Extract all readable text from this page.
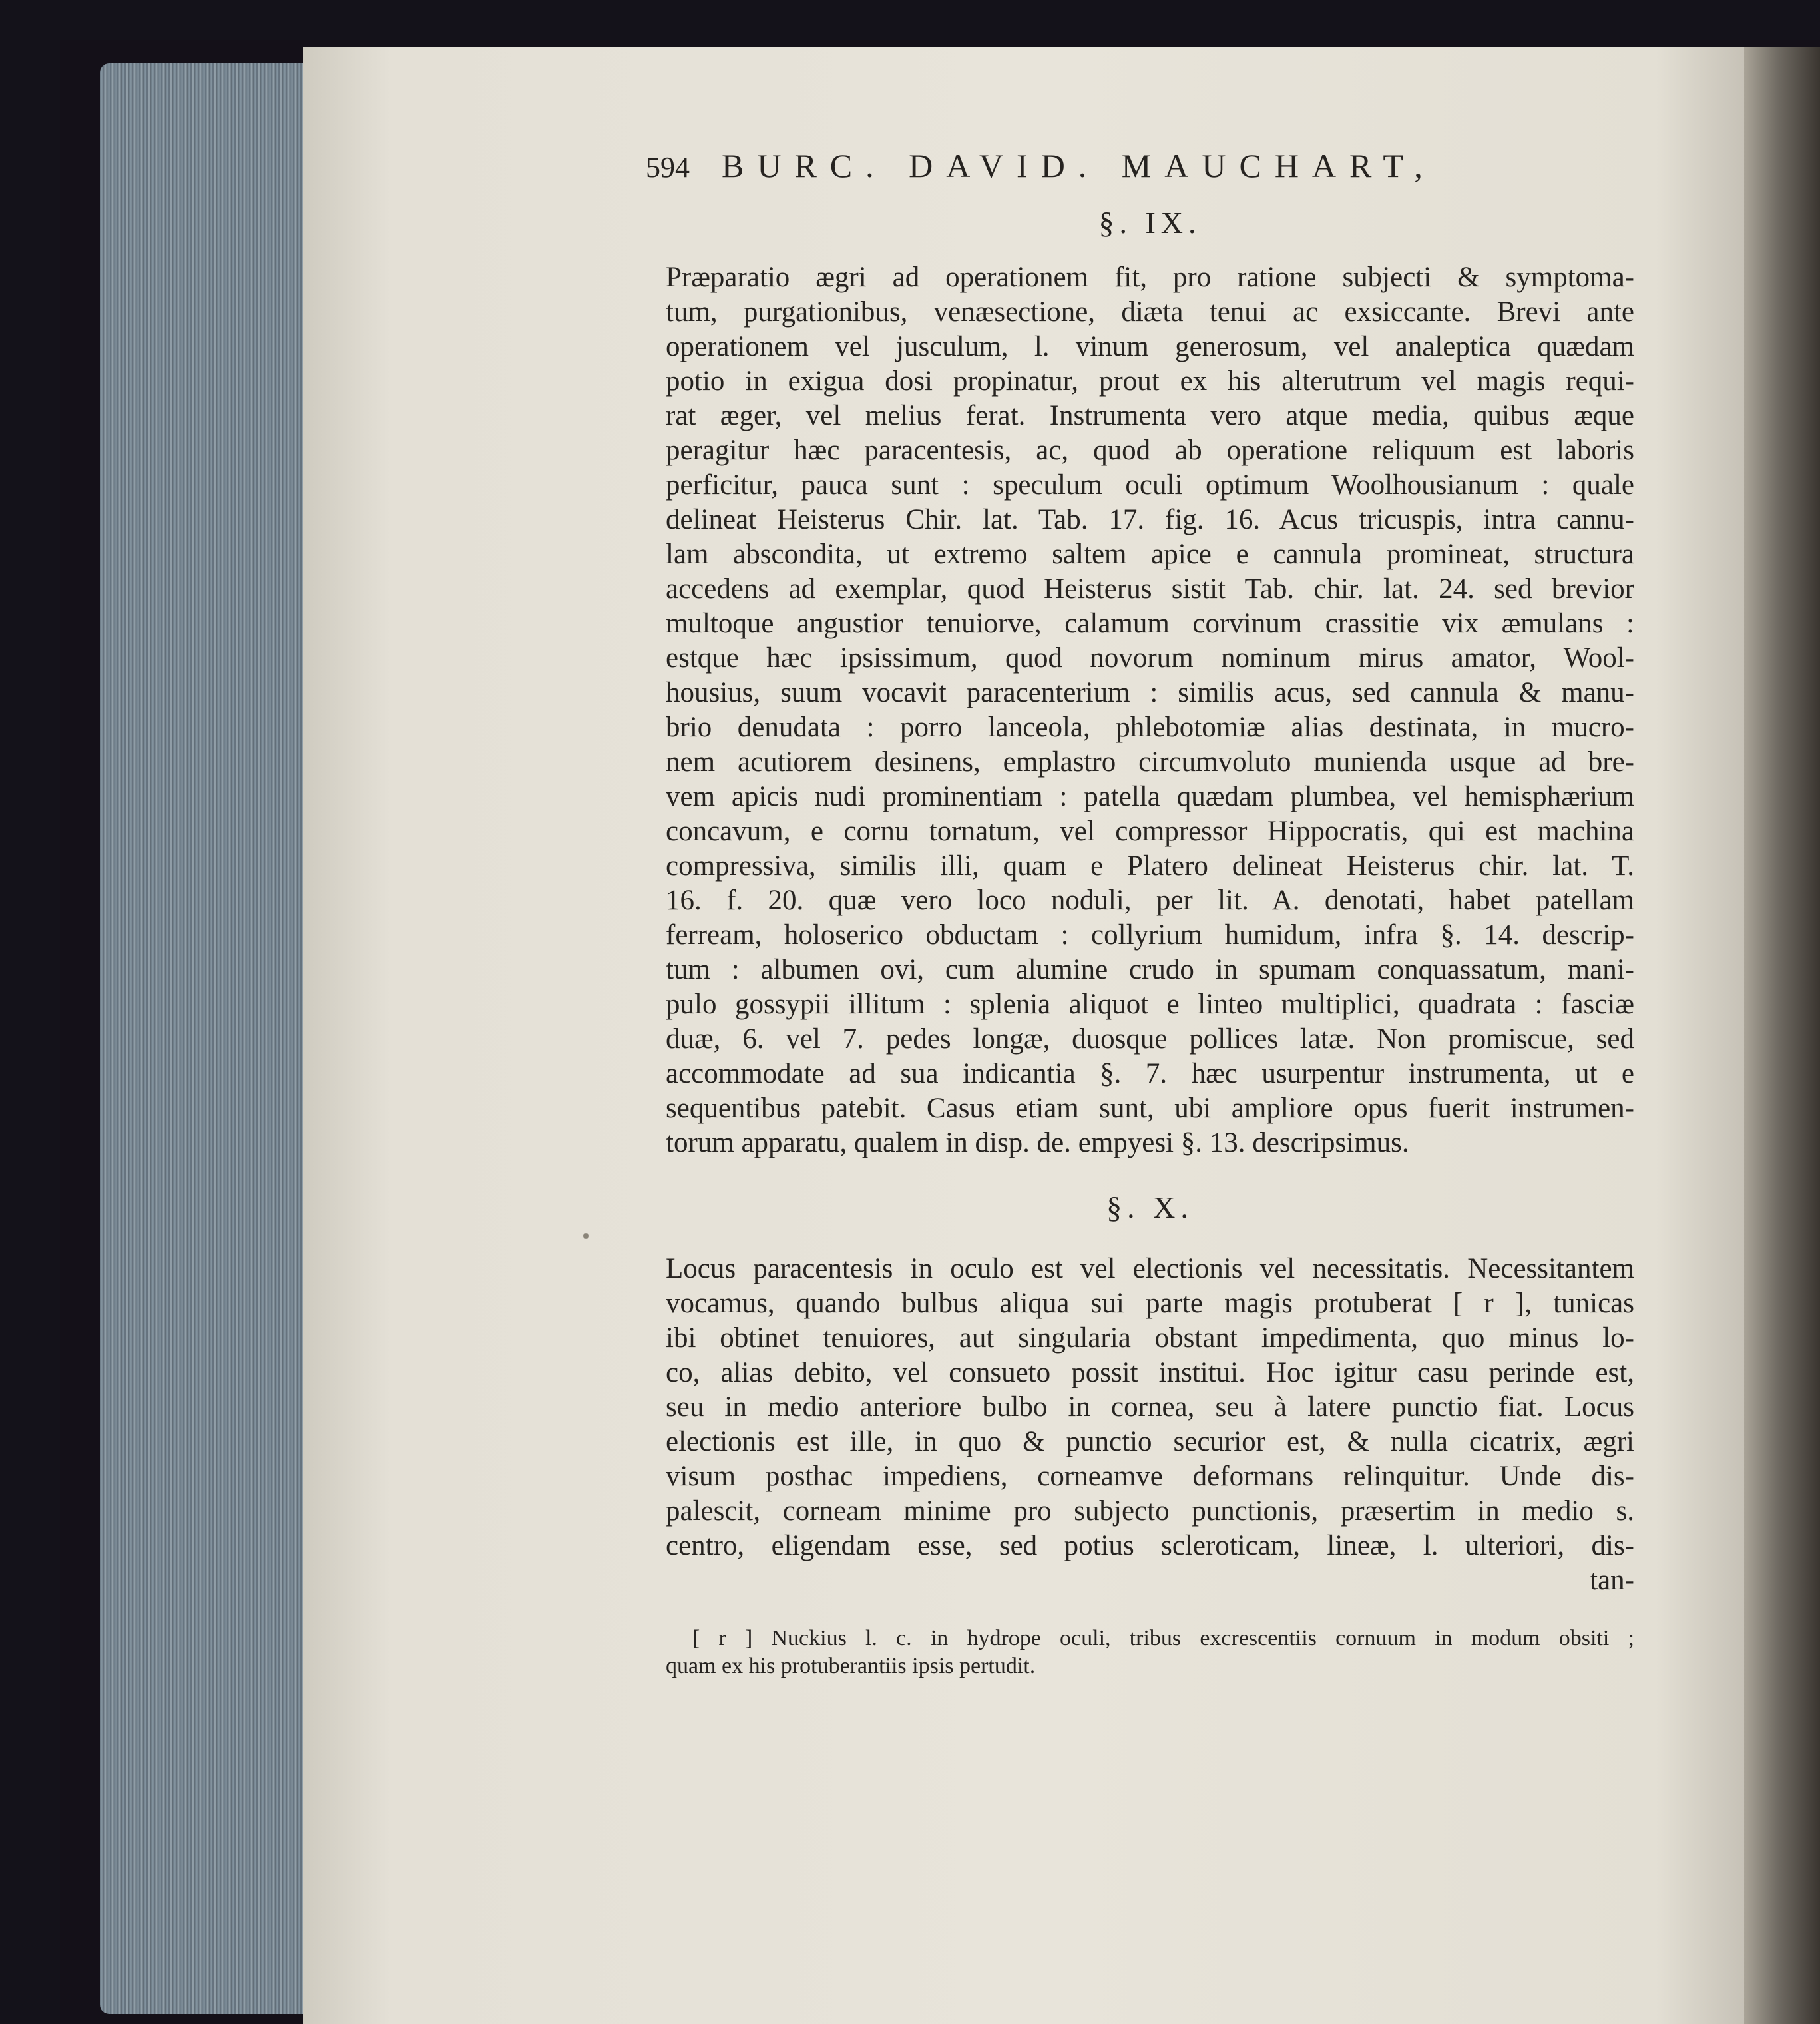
594 BURC. DAVID. MAUCHART,
§. IX.
Præparatio ægri ad operationem fit, pro ratione subjecti & symptoma-
tum, purgationibus, venæsectione, diæta tenui ac exsiccante. Brevi ante
operationem vel jusculum, l. vinum generosum, vel analeptica quædam
potio in exigua dosi propinatur, prout ex his alterutrum vel magis requi-
rat æger, vel melius ferat. Instrumenta vero atque media, quibus æque
peragitur hæc paracentesis, ac, quod ab operatione reliquum est laboris
perficitur, pauca sunt : speculum oculi optimum Woolhousianum : quale
delineat Heisterus Chir. lat. Tab. 17. fig. 16. Acus tricuspis, intra cannu-
lam abscondita, ut extremo saltem apice e cannula promineat, structura
accedens ad exemplar, quod Heisterus sistit Tab. chir. lat. 24. sed brevior
multoque angustior tenuiorve, calamum corvinum crassitie vix æmulans :
estque hæc ipsissimum, quod novorum nominum mirus amator, Wool-
housius, suum vocavit paracenterium : similis acus, sed cannula & manu-
brio denudata : porro lanceola, phlebotomiæ alias destinata, in mucro-
nem acutiorem desinens, emplastro circumvoluto munienda usque ad bre-
vem apicis nudi prominentiam : patella quædam plumbea, vel hemisphærium
concavum, e cornu tornatum, vel compressor Hippocratis, qui est machina
compressiva, similis illi, quam e Platero delineat Heisterus chir. lat. T.
16. f. 20. quæ vero loco noduli, per lit. A. denotati, habet patellam
ferream, holoserico obductam : collyrium humidum, infra §. 14. descrip-
tum : albumen ovi, cum alumine crudo in spumam conquassatum, mani-
pulo gossypii illitum : splenia aliquot e linteo multiplici, quadrata : fasciæ
duæ, 6. vel 7. pedes longæ, duosque pollices latæ. Non promiscue, sed
accommodate ad sua indicantia §. 7. hæc usurpentur instrumenta, ut e
sequentibus patebit. Casus etiam sunt, ubi ampliore opus fuerit instrumen-
torum apparatu, qualem in disp. de. empyesi §. 13. descripsimus.
§. X.
Locus paracentesis in oculo est vel electionis vel necessitatis. Necessitantem
vocamus, quando bulbus aliqua sui parte magis protuberat [ r ], tunicas
ibi obtinet tenuiores, aut singularia obstant impedimenta, quo minus lo-
co, alias debito, vel consueto possit institui. Hoc igitur casu perinde est,
seu in medio anteriore bulbo in cornea, seu à latere punctio fiat. Locus
electionis est ille, in quo & punctio securior est, & nulla cicatrix, ægri
visum posthac impediens, corneamve deformans relinquitur. Unde dis-
palescit, corneam minime pro subjecto punctionis, præsertim in medio s.
centro, eligendam esse, sed potius scleroticam, lineæ, l. ulteriori, dis-
tan-
[ r ] Nuckius l. c. in hydrope oculi, tribus excrescentiis cornuum in modum obsiti ;
quam ex his protuberantiis ipsis pertudit.
